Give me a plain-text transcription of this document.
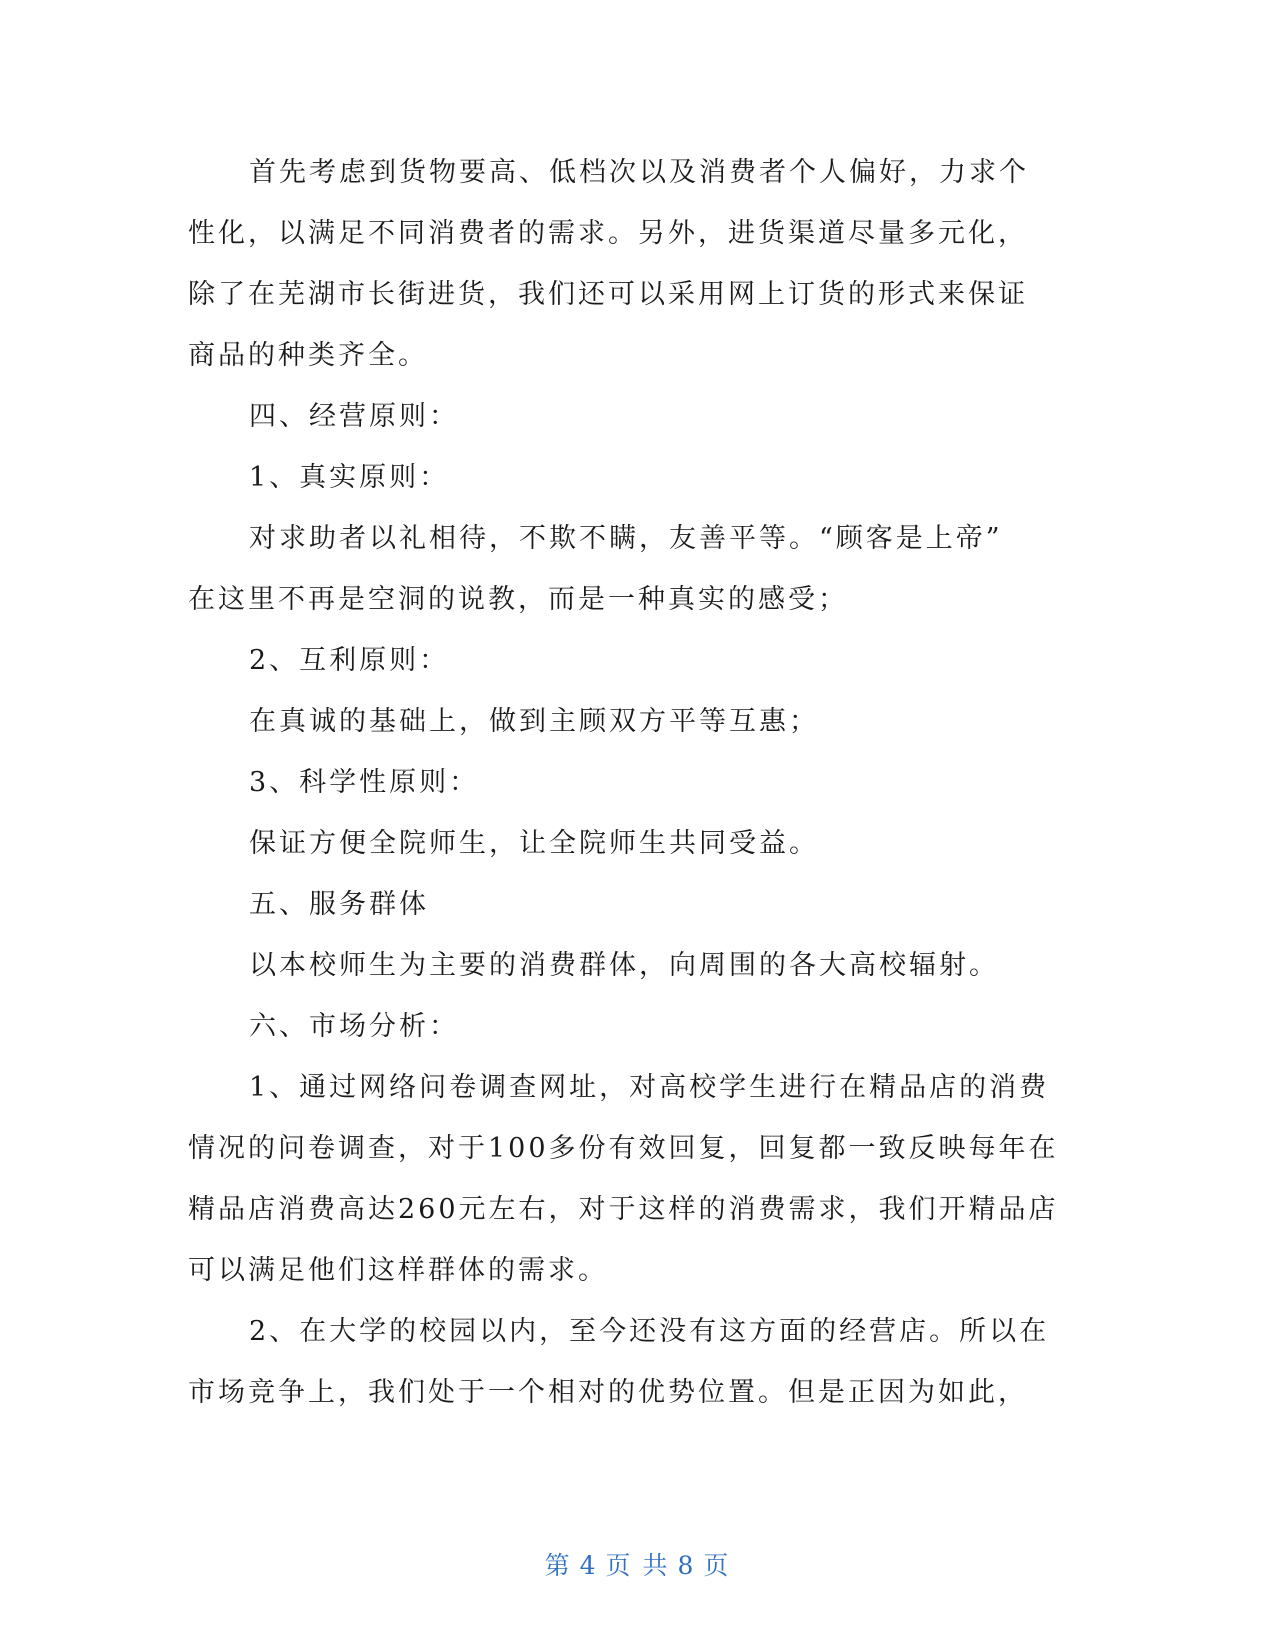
首先考虑到货物要高、低档次以及消费者个人偏好，力求个
性化，以满足不同消费者的需求。另外，进货渠道尽量多元化，
除了在芜湖市长街进货，我们还可以采用网上订货的形式来保证
商品的种类齐全。
四、经营原则：
1、真实原则：
对求助者以礼相待，不欺不瞒，友善平等。“顾客是上帝”
在这里不再是空洞的说教，而是一种真实的感受；
2、互利原则：
在真诚的基础上，做到主顾双方平等互惠；
3、科学性原则：
保证方便全院师生，让全院师生共同受益。
五、服务群体
以本校师生为主要的消费群体，向周围的各大高校辐射。
六、市场分析：
1、通过网络问卷调查网址，对高校学生进行在精品店的消费
情况的问卷调查，对于100多份有效回复，回复都一致反映每年在
精品店消费高达260元左右，对于这样的消费需求，我们开精品店
可以满足他们这样群体的需求。
2、在大学的校园以内，至今还没有这方面的经营店。所以在
市场竞争上，我们处于一个相对的优势位置。但是正因为如此，
第 4 页 共 8 页
